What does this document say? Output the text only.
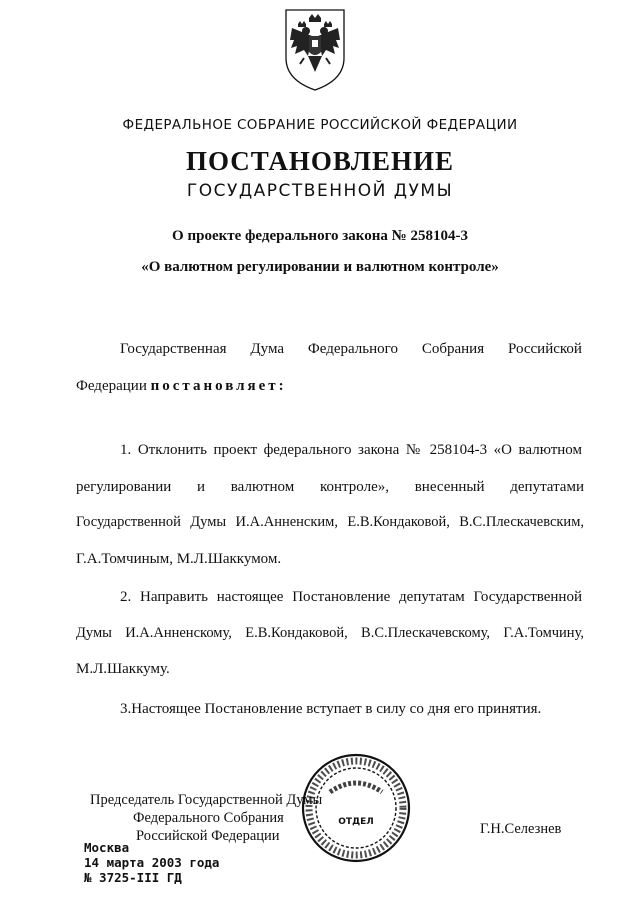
ФЕДЕРАЛЬНОЕ СОБРАНИЕ РОССИЙСКОЙ ФЕДЕРАЦИИ
ПОСТАНОВЛЕНИЕ
ГОСУДАРСТВЕННОЙ ДУМЫ
О проекте федерального закона № 258104-3
«О валютном регулировании и валютном контроле»
Государственная Дума Федерального Собрания Российской
Федерации постановляет:
1. Отклонить проект федерального закона № 258104-3 «О валютном
регулировании и валютном контроле», внесенный депутатами
Государственной Думы И.А.Анненским, Е.В.Кондаковой, В.С.Плескачевским,
Г.А.Томчиным, М.Л.Шаккумом.
2. Направить настоящее Постановление депутатам Государственной
Думы И.А.Анненскому, Е.В.Кондаковой, В.С.Плескачевскому, Г.А.Томчину,
М.Л.Шаккуму.
3.Настоящее Постановление вступает в силу со дня его принятия.
ОТДЕЛ
Председатель Государственной Думы
Федерального Собрания
Российской Федерации	Г.Н.Селезнев
Москва
14 марта 2003 года
№ 3725-III ГД
